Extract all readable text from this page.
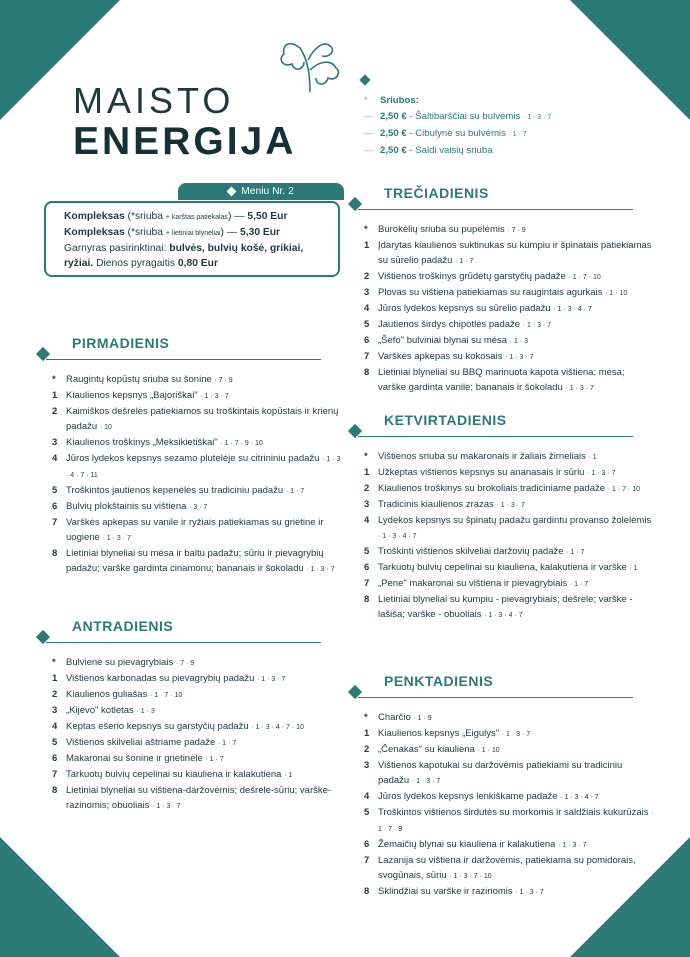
MAISTO
ENERGIJA
Meniu Nr. 2
Kompleksas (*sriuba + karštas patiekalas) — 5,50 Eur
Kompleksas (*sriuba + lietiniai blyneliai) — 5,30 Eur
Garnyras pasirinktinai: bulvės, bulvių košė, grikiai, ryžiai. Dienos pyragaitis 0,80 Eur
*	Sriubos:
— 2,50 € - Šaltibarščiai su bulvėmis · 1 · 3 · 7
— 2,50 € - Cibulynė su bulvėmis · 1 · 7
— 2,50 € - Saldi vaisių sriuba
PIRMADIENIS
*	Raugintų kopūstų sriuba su šonine · 7 · 9
1 Kiaulienos kepsnys „Bajoriškai" · 1 · 3 · 7
2 Kaimiškos dešrelės patiekiamos su troškintais kopūstais ir krienų padažu · 10
3 Kiaulienos troškinys „Meksikietiškai" · 1 · 7 · 9 · 10
4 Jūros lydekos kepsnys sezamo plutelėje su citrininiu padažu · 1 · 3 · 4 · 7 · 11
5 Troškintos jautienos kepenėlės su tradiciniu padažu · 1 · 7
6 Bulvių plokštainis su vištiena · 3 · 7
7 Varškės apkepas su vanile ir ryžiais patiekiamas su grietine ir uogiene · 1 · 3 · 7
8 Lietiniai blyneliai su mėsa ir baltu padažu; sūriu ir pievagrybių padažu; varške gardinta cinamonu; bananais ir šokoladu · 1 · 3 · 7
ANTRADIENIS
*	Bulvienė su pievagrybiais · 7 · 9
1 Vištienos karbonadas su pievagrybių padažu · 1 · 3 · 7
2 Kiaulienos guliašas · 1 · 7 · 10
3 „Kijevo" kotletas · 1 · 3
4 Keptas ešerio kepsnys su garstyčių padažu · 1 · 3 · 4 · 7 · 10
5 Vištienos skilveliai aštriame padaže · 1 · 7
6 Makaronai su šonine ir grietinėle · 1 · 7
7 Tarkuotų bulvių cepelinai su kiauliena ir kalakutiena · 1
8 Lietiniai blyneliai su vištiena-daržovėmis; dešrele-sūriu; varške-razinomis; obuoliais · 1 · 3 · 7
TREČIADIENIS
*	Burokėlių sriuba su pupelėmis · 7 · 9
1 Įdarytas kiaulienos suktinukas su kumpiu ir špinatais patiekiamas su sūrelio padažu · 1 · 7
2 Vištienos troškinys grūdėtų garstyčių padaže · 1 · 7 · 10
3 Plovas su vištiena patiekiamas su raugintais agurkais · 1 · 10
4 Jūros lydekos kepsnys su sūrelio padažu · 1 · 3 · 4 · 7
5 Jautienos širdys chipotlės padaže · 1 · 3 · 7
6 „Šefo" bulviniai blynai su mėsa · 1 · 3
7 Varškės apkepas su kokosais · 1 · 3 · 7
8 Lietiniai blyneliai su BBQ marinuota kapota vištiena; mėsa; varške gardinta vanile; bananais ir šokoladu · 1 · 3 · 7
KETVIRTADIENIS
*	Vištienos sriuba su makaronais ir žaliais žirneliais · 1
1 Užkeptas vištienos kepsnys su ananasais ir sūriu · 1 · 3 · 7
2 Kiaulienos troškinys su brokoliais tradiciniame padaže · 1 · 7 · 10
3 Tradicinis kiaulienos zrazas · 1 · 3 · 7
4 Lydekos kepsnys su špinatų padažu gardintu provanso žolelėmis · 1 · 3 · 4 · 7
5 Troškinti vištienos skilveliai daržovių padaže · 1 · 7
6 Tarkuotų bulvių cepelinai su kiauliena, kalakutiena ir varške · 1
7 „Pene" makaronai su vištiena ir pievagrybiais · 1 · 7
8 Lietiniai blyneliai su kumpiu - pievagrybiais; dešrele; varške - lašiša; varške - obuoliais · 1 · 3 · 4 · 7
PENKTADIENIS
*	Charčio · 1 · 9
1 Kiaulienos kepsnys „Eigulys" · 1 · 3 · 7
2 „Čenakas" su kiauliena · 1 · 10
3 Vištienos kapotukai su daržovėmis patiekiami su tradiciniu padažu · 1 · 3 · 7
4 Jūros lydekos kepsnys lenkiškame padaže · 1 · 3 · 4 · 7
5 Troškintos vištienos širdutės su morkomis ir saldžiais kukurūzais · 1 · 7 · 9
6 Žemaičių blynai su kiauliena ir kalakutiena · 1 · 3 · 7
7 Lazanija su vištiena ir daržovėmis, patiekiama su pomidorais, svogūnais, sūriu · 1 · 3 · 7 · 10
8 Sklindžiai su varške ir razinomis · 1 · 3 · 7
